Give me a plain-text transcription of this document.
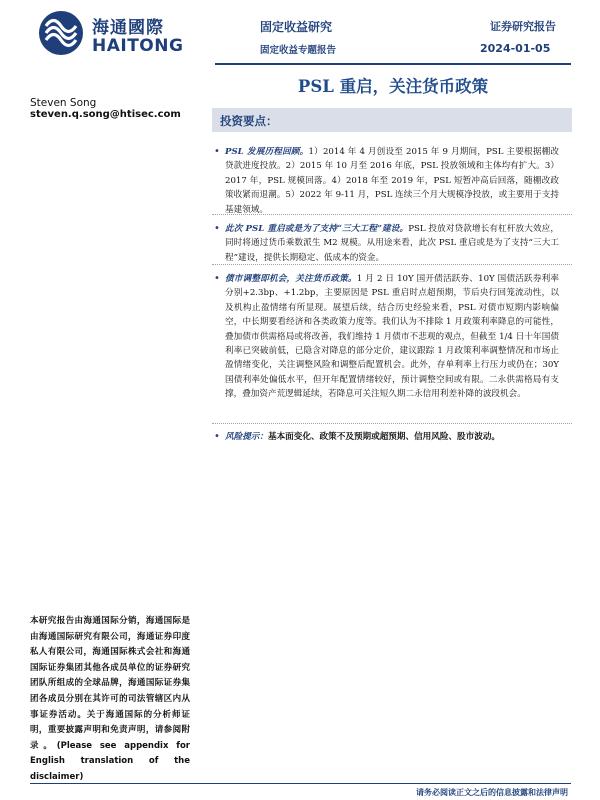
海通國際
HAITONG
固定收益研究
固定收益专题报告
证券研究报告
2024-01-05
PSL 重启，关注货币政策
Steven Song
steven.q.song@htisec.com	投资要点：
• PSL 发展历程回顾。1）2014 年 4 月创设至 2015 年 9 月期间，PSL 主要根据棚改贷款进度投放。2）2015 年 10 月至 2016 年底，PSL 投放领域和主体均有扩大。3）2017 年，PSL 规模回落。4）2018 年至 2019 年，PSL 短暂冲高后回落，随棚改政策收紧而退潮。5）2022 年 9-11 月，PSL 连续三个月大规模净投放，或主要用于支持基建领域。
• 此次 PSL 重启或是为了支持“三大工程”建设。PSL 投放对贷款增长有杠杆放大效应，同时将通过货币乘数派生 M2 规模。从用途来看，此次 PSL 重启或是为了支持“三大工程”建设，提供长期稳定、低成本的资金。
• 债市调整即机会，关注货币政策。1 月 2 日 10Y 国开债活跃券、10Y 国债活跃券利率分别+2.3bp、+1.2bp，主要原因是 PSL 重启时点超预期，节后央行回笼流动性，以及机构止盈情绪有所显现。展望后续，结合历史经验来看，PSL 对债市短期内影响偏空，中长期要看经济和各类政策力度等。我们认为不排除 1 月政策利率降息的可能性，叠加债市供需格局或将改善，我们维持 1 月债市不悲观的观点，但截至 1/4 日十年国债利率已突破前低，已隐含对降息的部分定价，建议跟踪 1 月政策利率调整情况和市场止盈情绪变化，关注调整风险和调整后配置机会。此外，存单利率上行压力或仍在；30Y 国债利率处偏低水平，但开年配置情绪较好，预计调整空间或有限。二永供需格局有支撑，叠加资产荒逻辑延续，若降息可关注短久期二永信用利差补降的波段机会。
• 风险提示：基本面变化、政策不及预期或超预期、信用风险、股市波动。
本研究报告由海通国际分销，海通国际是由海通国际研究有限公司，海通证券印度私人有限公司，海通国际株式会社和海通国际证券集团其他各成员单位的证券研究团队所组成的全球品牌，海通国际证券集团各成员分别在其许可的司法管辖区内从事证券活动。关于海通国际的分析师证明，重要披露声明和免责声明，请参阅附录。(Please see appendix for English translation of the disclaimer)
请务必阅读正文之后的信息披露和法律声明
